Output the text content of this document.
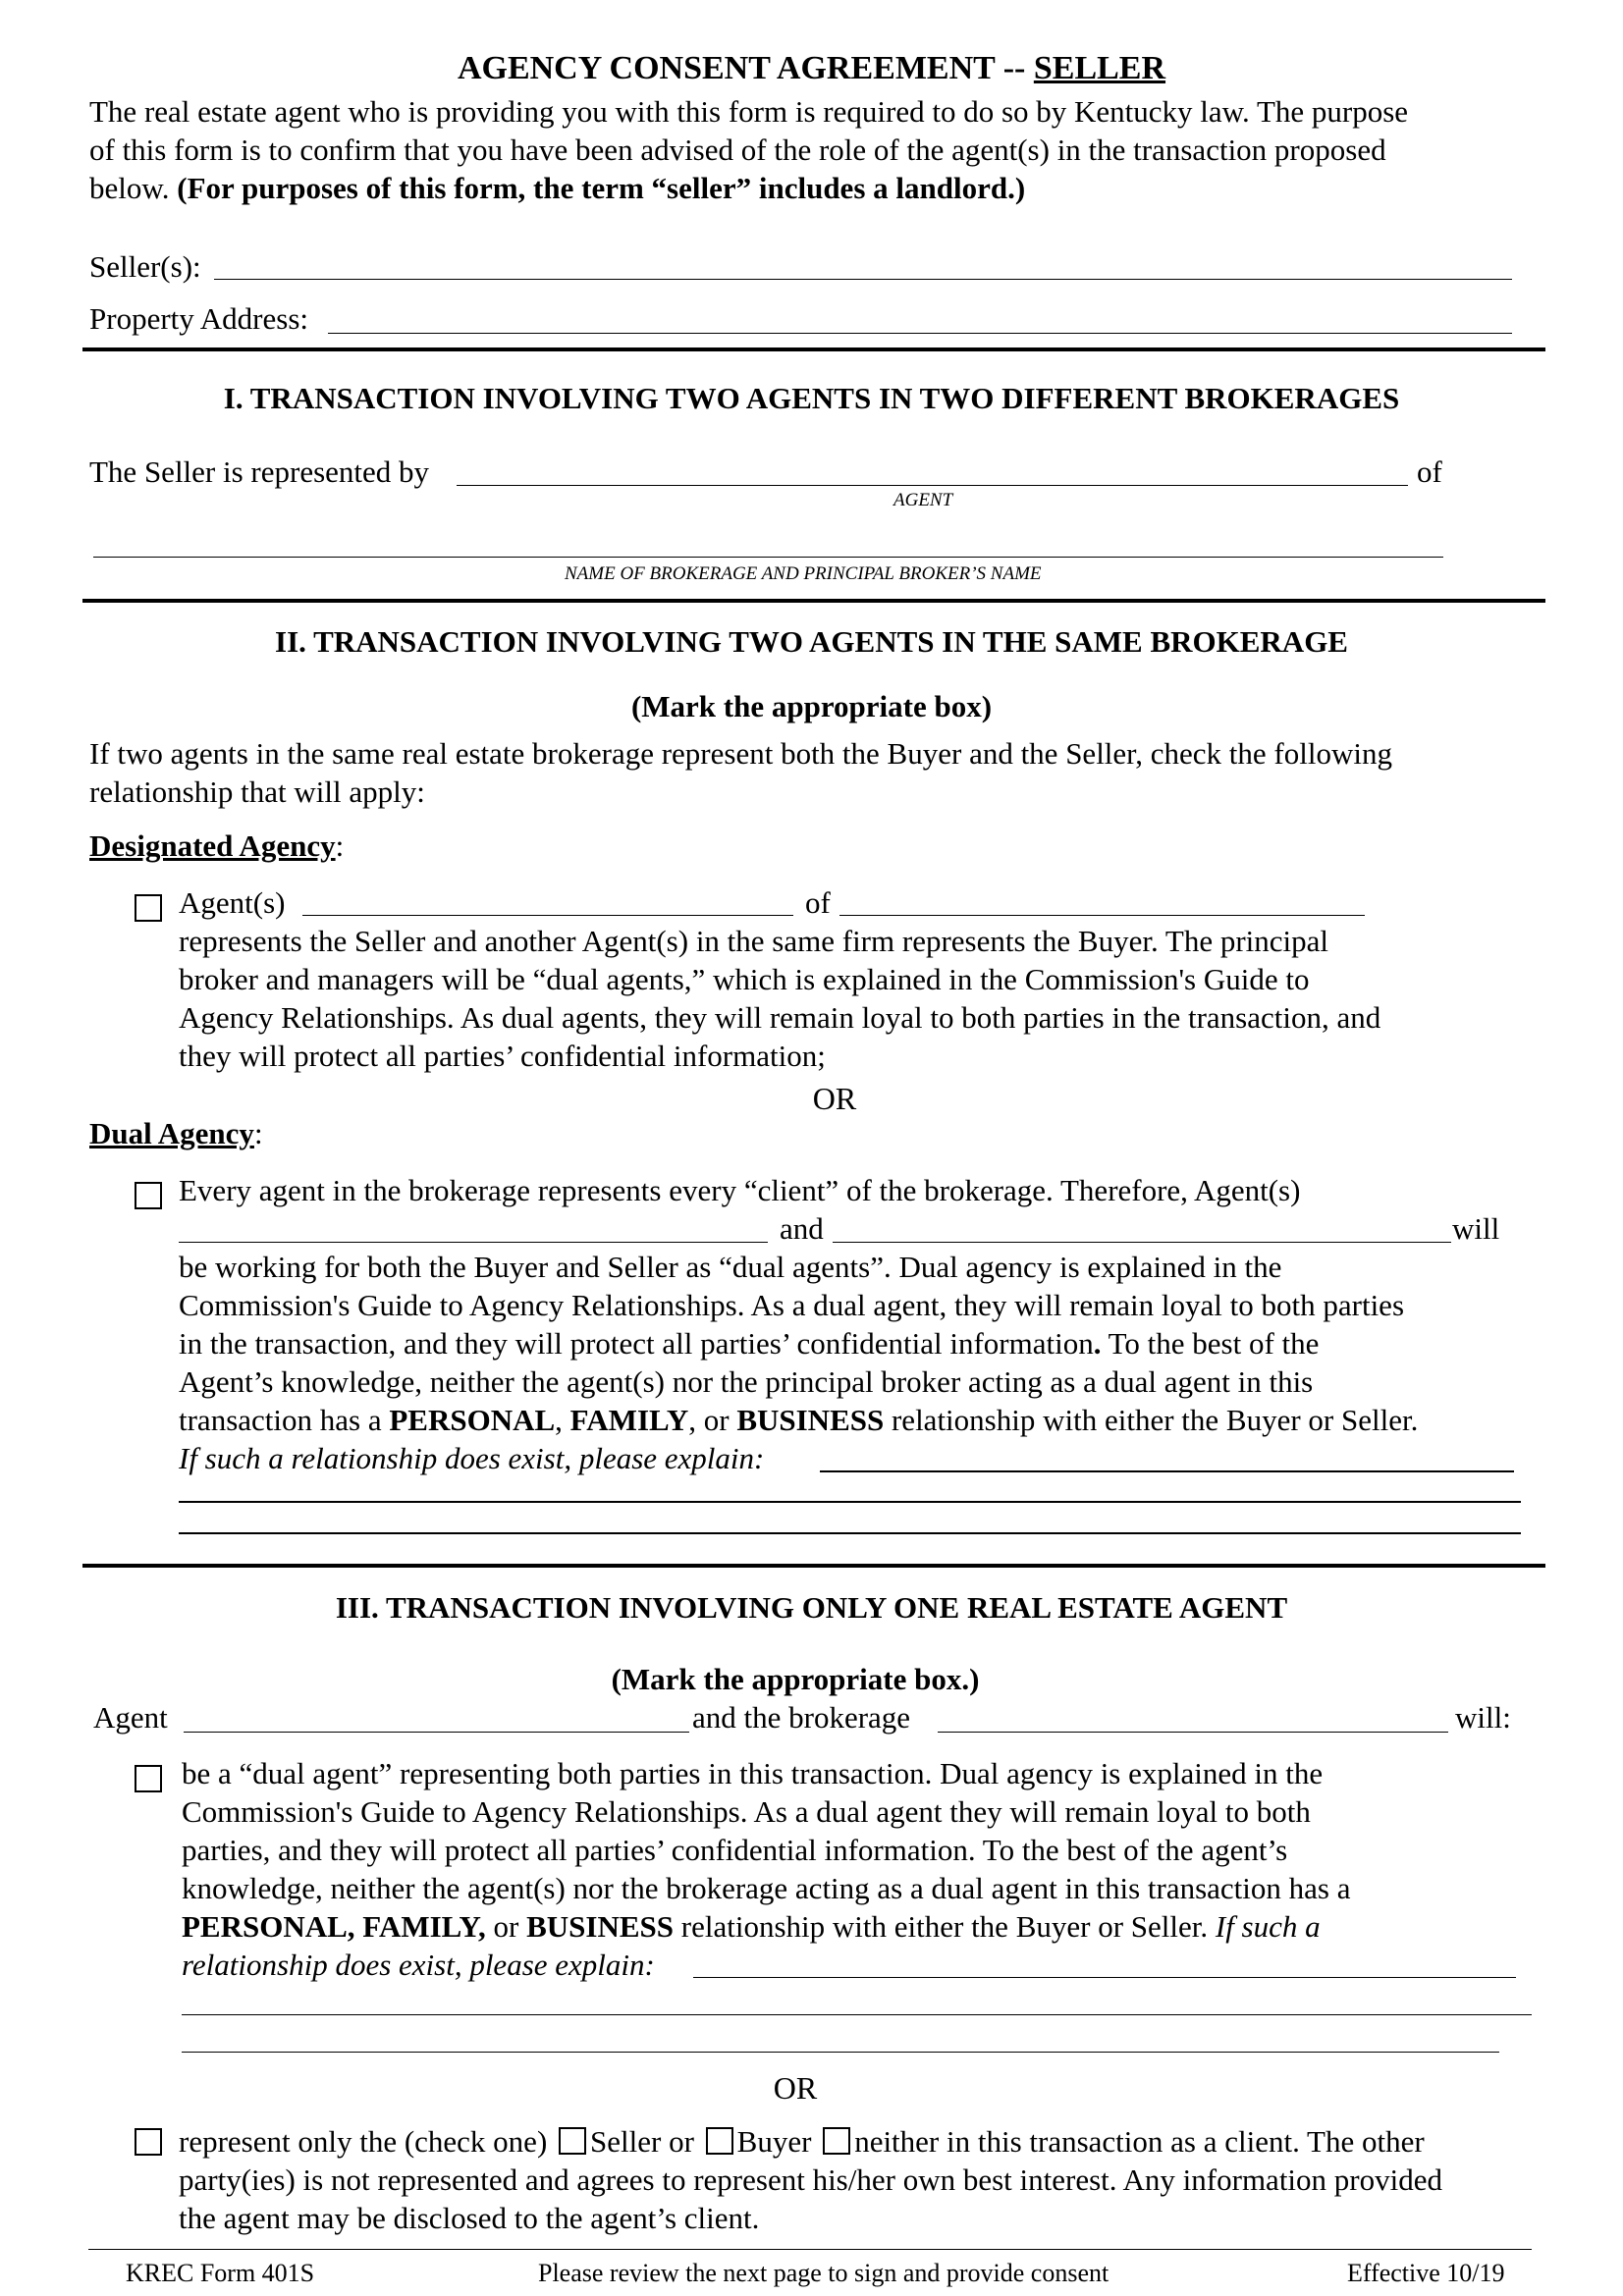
AGENCY CONSENT AGREEMENT -- SELLER
The real estate agent who is providing you with this form is required to do so by Kentucky law. The purpose
of this form is to confirm that you have been advised of the role of the agent(s) in the transaction proposed
below. (For purposes of this form, the term “seller” includes a landlord.)
Seller(s):
Property Address:
I. TRANSACTION INVOLVING TWO AGENTS IN TWO DIFFERENT BROKERAGES
The Seller is represented by	of
AGENT
NAME OF BROKERAGE AND PRINCIPAL BROKER’S NAME
II. TRANSACTION INVOLVING TWO AGENTS IN THE SAME BROKERAGE
(Mark the appropriate box)
If two agents in the same real estate brokerage represent both the Buyer and the Seller, check the following
relationship that will apply:
Designated Agency:
Agent(s)	of
represents the Seller and another Agent(s) in the same firm represents the Buyer. The principal
broker and managers will be “dual agents,” which is explained in the Commission's Guide to
Agency Relationships. As dual agents, they will remain loyal to both parties in the transaction, and
they will protect all parties’ confidential information;
OR
Dual Agency:
Every agent in the brokerage represents every “client” of the brokerage. Therefore, Agent(s)
and	will
be working for both the Buyer and Seller as “dual agents”. Dual agency is explained in the
Commission's Guide to Agency Relationships. As a dual agent, they will remain loyal to both parties
in the transaction, and they will protect all parties’ confidential information. To the best of the
Agent’s knowledge, neither the agent(s) nor the principal broker acting as a dual agent in this
transaction has a PERSONAL, FAMILY, or BUSINESS relationship with either the Buyer or Seller.
If such a relationship does exist, please explain:
III. TRANSACTION INVOLVING ONLY ONE REAL ESTATE AGENT
(Mark the appropriate box.)
Agent	and the brokerage	will:
be a “dual agent” representing both parties in this transaction. Dual agency is explained in the
Commission's Guide to Agency Relationships. As a dual agent they will remain loyal to both
parties, and they will protect all parties’ confidential information. To the best of the agent’s
knowledge, neither the agent(s) nor the brokerage acting as a dual agent in this transaction has a
PERSONAL, FAMILY, or BUSINESS relationship with either the Buyer or Seller. If such a
relationship does exist, please explain:
OR
represent only the (check one) Seller or Buyer neither in this transaction as a client. The other
party(ies) is not represented and agrees to represent his/her own best interest. Any information provided
the agent may be disclosed to the agent’s client.
KREC Form 401S	Please review the next page to sign and provide consent	Effective 10/19
